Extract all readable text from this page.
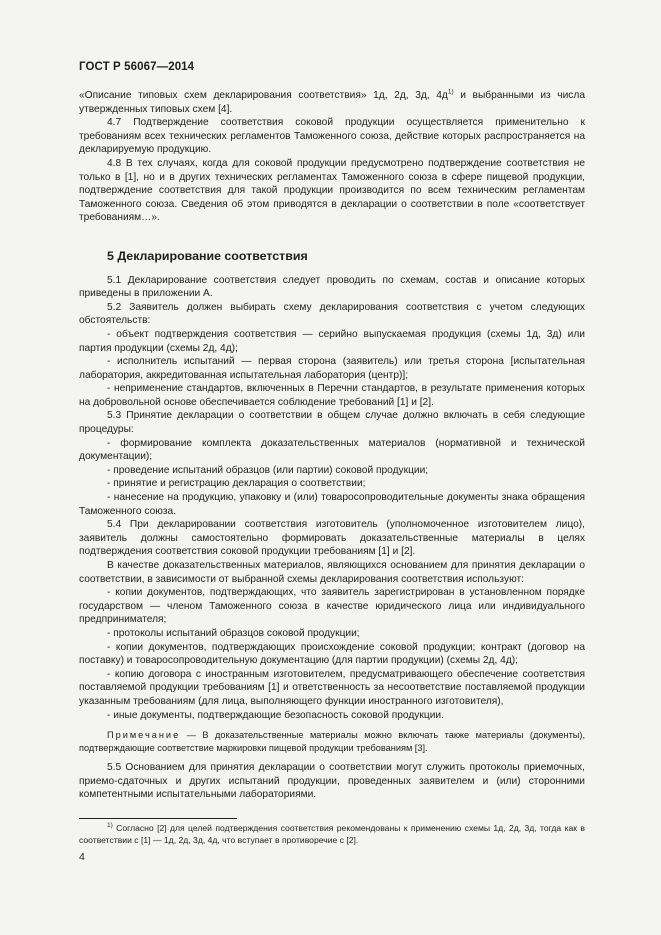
ГОСТ Р 56067—2014

«Описание типовых схем декларирования соответствия» 1д, 2д, 3д, $4д^{1)}$ и выбранными из числа утвержденных типовых схем [4].

4.7 Подтверждение соответствия соковой продукции осуществляется применительно к требованиям всех технических регламентов Таможенного союза, действие которых распространяется на декларируемую продукцию.

4.8 В тех случаях, когда для соковой продукции предусмотрено подтверждение соответствия не только в [1], но и в других технических регламентах Таможенного союза в сфере пищевой продукции, подтверждение соответствия для такой продукции производится по всем техническим регламентам Таможенного союза. Сведения об этом приводятся в декларации о соответствии в поле «соответствует требованиям…».

5 Декларирование соответствия

5.1 Декларирование соответствия следует проводить по схемам, состав и описание которых приведены в приложении А.

5.2 Заявитель должен выбирать схему декларирования соответствия с учетом следующих обстоятельств:

- объект подтверждения соответствия — серийно выпускаемая продукция (схемы 1д, 3д) или партия продукции (схемы 2д, 4д);

- исполнитель испытаний — первая сторона (заявитель) или третья сторона [испытательная лаборатория, аккредитованная испытательная лаборатория (центр)];

- неприменение стандартов, включенных в Перечни стандартов, в результате применения которых на добровольной основе обеспечивается соблюдение требований [1] и [2].

5.3 Принятие декларации о соответствии в общем случае должно включать в себя следующие процедуры:

- формирование комплекта доказательственных материалов (нормативной и технической документации);

- проведение испытаний образцов (или партии) соковой продукции;

- принятие и регистрацию декларация о соответствии;

- нанесение на продукцию, упаковку и (или) товаросопроводительные документы знака обращения Таможенного союза.

5.4 При декларировании соответствия изготовитель (уполномоченное изготовителем лицо), заявитель должны самостоятельно формировать доказательственные материалы в целях подтверждения соответствия соковой продукции требованиям [1] и [2].

В качестве доказательственных материалов, являющихся основанием для принятия декларации о соответствии, в зависимости от выбранной схемы декларирования соответствия используют:

- копии документов, подтверждающих, что заявитель зарегистрирован в установленном порядке государством — членом Таможенного союза в качестве юридического лица или индивидуального предпринимателя;

- протоколы испытаний образцов соковой продукции;

- копии документов, подтверждающих происхождение соковой продукции; контракт (договор на поставку) и товаросопроводительную документацию (для партии продукции) (схемы 2д, 4д);

- копию договора с иностранным изготовителем, предусматривающего обеспечение соответствия поставляемой продукции требованиям [1] и ответственность за несоответствие поставляемой продукции указанным требованиям (для лица, выполняющего функции иностранного изготовителя),

- иные документы, подтверждающие безопасность соковой продукции.

Примечание — В доказательственные материалы можно включать также материалы (документы), подтверждающие соответствие маркировки пищевой продукции требованиям [3].

5.5 Основанием для принятия декларации о соответствии могут служить протоколы приемочных, приемо-сдаточных и других испытаний продукции, проведенных заявителем и (или) сторонними компетентными испытательными лабораториями.

$^{1)}$ Согласно [2] для целей подтверждения соответствия рекомендованы к применению схемы 1д, 2д, 3д, тогда как в соответствии с [1] — 1д, 2д, 3д, 4д, что вступает в противоречие с [2].

4
